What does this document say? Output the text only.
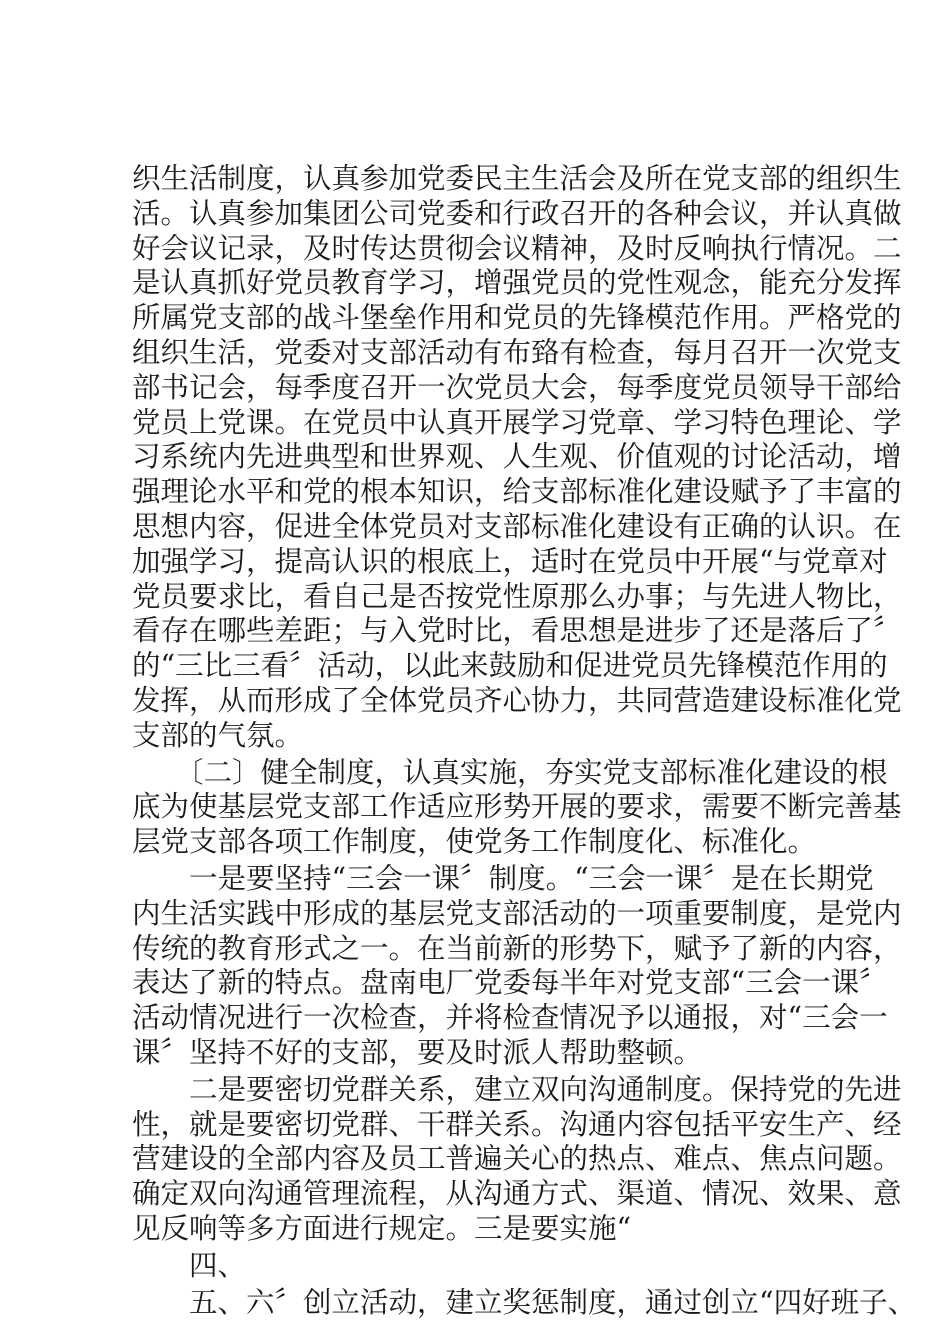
织生活制度，认真参加党委民主生活会及所在党支部的组织生
活。认真参加集团公司党委和行政召开的各种会议，并认真做
好会议记录，及时传达贯彻会议精神，及时反响执行情况。二
是认真抓好党员教育学习，增强党员的党性观念，能充分发挥
所属党支部的战斗堡垒作用和党员的先锋模范作用。严格党的
组织生活，党委对支部活动有布臵有检查，每月召开一次党支
部书记会，每季度召开一次党员大会，每季度党员领导干部给
党员上党课。在党员中认真开展学习党章、学习特色理论、学
习系统内先进典型和世界观、人生观、价值观的讨论活动，增
强理论水平和党的根本知识，给支部标准化建设赋予了丰富的
思想内容，促进全体党员对支部标准化建设有正确的认识。在
加强学习，提高认识的根底上，适时在党员中开展“与党章对
党员要求比，看自己是否按党性原那么办事；与先进人物比，
看存在哪些差距；与入党时比，看思想是进步了还是落后了〞
的“三比三看〞活动，以此来鼓励和促进党员先锋模范作用的
发挥，从而形成了全体党员齐心协力，共同营造建设标准化党
支部的气氛。
〔二〕健全制度，认真实施，夯实党支部标准化建设的根
底为使基层党支部工作适应形势开展的要求，需要不断完善基
层党支部各项工作制度，使党务工作制度化、标准化。
一是要坚持“三会一课〞制度。“三会一课〞是在长期党
内生活实践中形成的基层党支部活动的一项重要制度，是党内
传统的教育形式之一。在当前新的形势下，赋予了新的内容，
表达了新的特点。盘南电厂党委每半年对党支部“三会一课〞
活动情况进行一次检查，并将检查情况予以通报，对“三会一
课〞坚持不好的支部，要及时派人帮助整顿。
二是要密切党群关系，建立双向沟通制度。保持党的先进
性，就是要密切党群、干群关系。沟通内容包括平安生产、经
营建设的全部内容及员工普遍关心的热点、难点、焦点问题。
确定双向沟通管理流程，从沟通方式、渠道、情况、效果、意
见反响等多方面进行规定。三是要实施“
四、
五、六〞创立活动，建立奖惩制度，通过创立“四好班子、
